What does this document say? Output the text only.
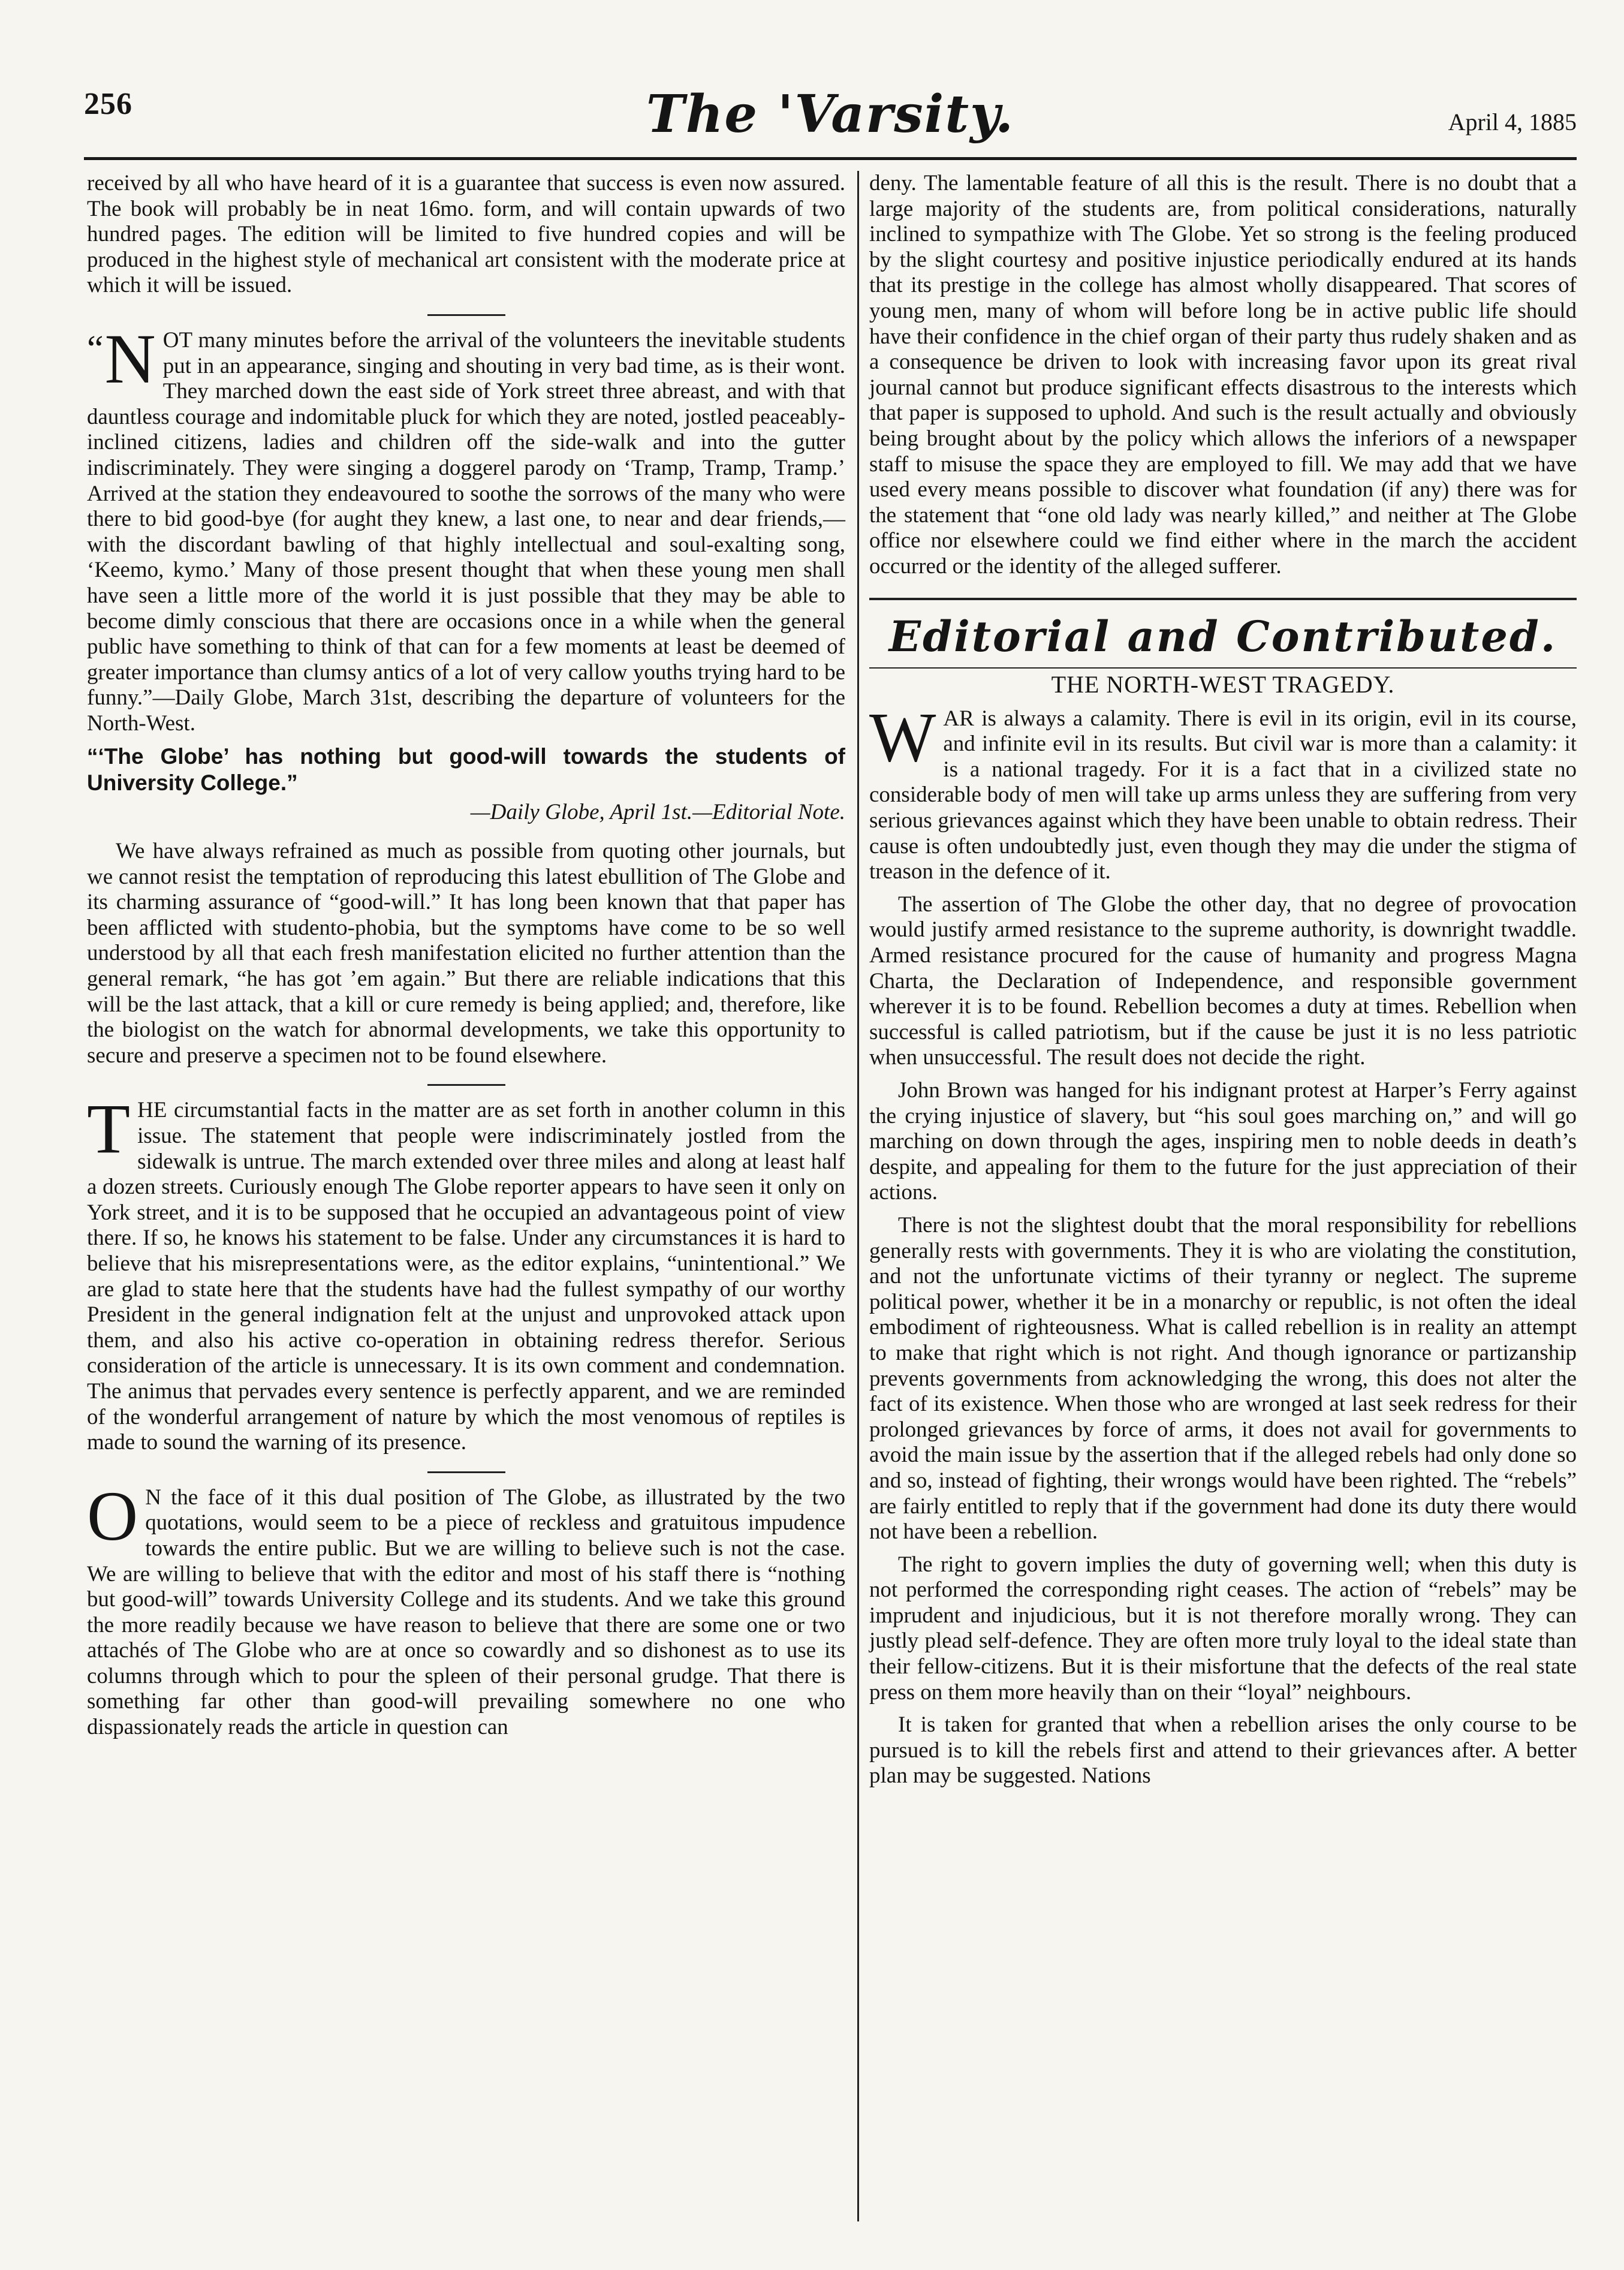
256	The 'Varsity.	April 4, 1885

received by all who have heard of it is a guarantee that success is even now assured. The book will probably be in neat 16mo. form, and will contain upwards of two hundred pages. The edition will be limited to five hundred copies and will be produced in the highest style of mechanical art consistent with the moderate price at which it will be issued.

“ N OT many minutes before the arrival of the volunteers the inevitable students put in an appearance, singing and shouting in very bad time, as is their wont. They marched down the east side of York street three abreast, and with that dauntless courage and indomitable pluck for which they are noted, jostled peaceably-inclined citizens, ladies and children off the side-walk and into the gutter indiscriminately. They were singing a doggerel parody on ‘Tramp, Tramp, Tramp.’ Arrived at the station they endeavoured to soothe the sorrows of the many who were there to bid good-bye (for aught they knew, a last one, to near and dear friends,—with the discordant bawling of that highly intellectual and soul-exalting song, ‘Keemo, kymo.’ Many of those present thought that when these young men shall have seen a little more of the world it is just possible that they may be able to become dimly conscious that there are occasions once in a while when the general public have something to think of that can for a few moments at least be deemed of greater importance than clumsy antics of a lot of very callow youths trying hard to be funny.”—Daily Globe, March 31st, describing the departure of volunteers for the North-West.

“‘The Globe’ has nothing but good-will towards the students of University College.”
—Daily Globe, April 1st.—Editorial Note.

We have always refrained as much as possible from quoting other journals, but we cannot resist the temptation of reproducing this latest ebullition of The Globe and its charming assurance of “good-will.” It has long been known that that paper has been afflicted with studento-phobia, but the symptoms have come to be so well understood by all that each fresh manifestation elicited no further attention than the general remark, “he has got ’em again.” But there are reliable indications that this will be the last attack, that a kill or cure remedy is being applied; and, therefore, like the biologist on the watch for abnormal developments, we take this opportunity to secure and preserve a specimen not to be found elsewhere.

THE circumstantial facts in the matter are as set forth in another column in this issue. The statement that people were indiscriminately jostled from the sidewalk is untrue. The march extended over three miles and along at least half a dozen streets. Curiously enough The Globe reporter appears to have seen it only on York street, and it is to be supposed that he occupied an advantageous point of view there. If so, he knows his statement to be false. Under any circumstances it is hard to believe that his misrepresentations were, as the editor explains, “unintentional.” We are glad to state here that the students have had the fullest sympathy of our worthy President in the general indignation felt at the unjust and unprovoked attack upon them, and also his active co-operation in obtaining redress therefor. Serious consideration of the article is unnecessary. It is its own comment and condemnation. The animus that pervades every sentence is perfectly apparent, and we are reminded of the wonderful arrangement of nature by which the most venomous of reptiles is made to sound the warning of its presence.

O N the face of it this dual position of The Globe, as illustrated by the two quotations, would seem to be a piece of reckless and gratuitous impudence towards the entire public. But we are willing to believe such is not the case. We are willing to believe that with the editor and most of his staff there is “nothing but good-will” towards University College and its students. And we take this ground the more readily because we have reason to believe that there are some one or two attachés of The Globe who are at once so cowardly and so dishonest as to use its columns through which to pour the spleen of their personal grudge. That there is something far other than good-will prevailing somewhere no one who dispassionately reads the article in question can

deny. The lamentable feature of all this is the result. There is no doubt that a large majority of the students are, from political considerations, naturally inclined to sympathize with The Globe. Yet so strong is the feeling produced by the slight courtesy and positive injustice periodically endured at its hands that its prestige in the college has almost wholly disappeared. That scores of young men, many of whom will before long be in active public life should have their confidence in the chief organ of their party thus rudely shaken and as a consequence be driven to look with increasing favor upon its great rival journal cannot but produce significant effects disastrous to the interests which that paper is supposed to uphold. And such is the result actually and obviously being brought about by the policy which allows the inferiors of a newspaper staff to misuse the space they are employed to fill. We may add that we have used every means possible to discover what foundation (if any) there was for the statement that “one old lady was nearly killed,” and neither at The Globe office nor elsewhere could we find either where in the march the accident occurred or the identity of the alleged sufferer.

Editorial and Contributed.
THE NORTH-WEST TRAGEDY.

WAR is always a calamity. There is evil in its origin, evil in its course, and infinite evil in its results. But civil war is more than a calamity: it is a national tragedy. For it is a fact that in a civilized state no considerable body of men will take up arms unless they are suffering from very serious grievances against which they have been unable to obtain redress. Their cause is often undoubtedly just, even though they may die under the stigma of treason in the defence of it.

The assertion of The Globe the other day, that no degree of provocation would justify armed resistance to the supreme authority, is downright twaddle. Armed resistance procured for the cause of humanity and progress Magna Charta, the Declaration of Independence, and responsible government wherever it is to be found. Rebellion becomes a duty at times. Rebellion when successful is called patriotism, but if the cause be just it is no less patriotic when unsuccessful. The result does not decide the right.

John Brown was hanged for his indignant protest at Harper’s Ferry against the crying injustice of slavery, but “his soul goes marching on,” and will go marching on down through the ages, inspiring men to noble deeds in death’s despite, and appealing for them to the future for the just appreciation of their actions.

There is not the slightest doubt that the moral responsibility for rebellions generally rests with governments. They it is who are violating the constitution, and not the unfortunate victims of their tyranny or neglect. The supreme political power, whether it be in a monarchy or republic, is not often the ideal embodiment of righteousness. What is called rebellion is in reality an attempt to make that right which is not right. And though ignorance or partizanship prevents governments from acknowledging the wrong, this does not alter the fact of its existence. When those who are wronged at last seek redress for their prolonged grievances by force of arms, it does not avail for governments to avoid the main issue by the assertion that if the alleged rebels had only done so and so, instead of fighting, their wrongs would have been righted. The “rebels” are fairly entitled to reply that if the government had done its duty there would not have been a rebellion.

The right to govern implies the duty of governing well; when this duty is not performed the corresponding right ceases. The action of “rebels” may be imprudent and injudicious, but it is not therefore morally wrong. They can justly plead self-defence. They are often more truly loyal to the ideal state than their fellow-citizens. But it is their misfortune that the defects of the real state press on them more heavily than on their “loyal” neighbours.

It is taken for granted that when a rebellion arises the only course to be pursued is to kill the rebels first and attend to their grievances after. A better plan may be suggested. Nations
